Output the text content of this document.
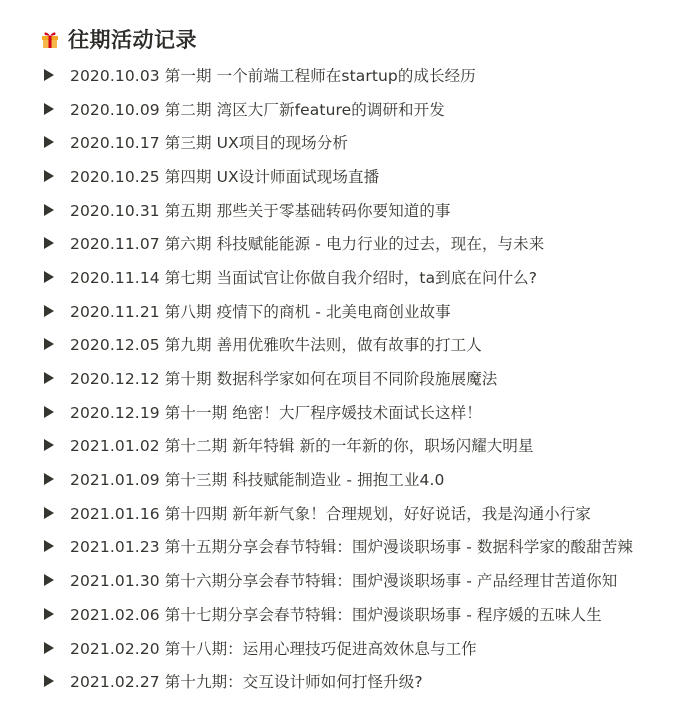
往期活动记录
2020.10.03 第一期 一个前端工程师在startup的成长经历
2020.10.09 第二期 湾区大厂新feature的调研和开发
2020.10.17 第三期 UX项目的现场分析
2020.10.25 第四期 UX设计师面试现场直播
2020.10.31 第五期 那些关于零基础转码你要知道的事
2020.11.07 第六期 科技赋能能源 - 电力行业的过去，现在，与未来
2020.11.14 第七期 当面试官让你做自我介绍时，ta到底在问什么?
2020.11.21 第八期 疫情下的商机 - 北美电商创业故事
2020.12.05 第九期 善用优雅吹牛法则，做有故事的打工人
2020.12.12 第十期 数据科学家如何在项目不同阶段施展魔法
2020.12.19 第十一期 绝密！大厂程序媛技术面试长这样！
2021.01.02 第十二期 新年特辑 新的一年新的你，职场闪耀大明星
2021.01.09 第十三期 科技赋能制造业 - 拥抱工业4.0
2021.01.16 第十四期 新年新气象！合理规划，好好说话，我是沟通小行家
2021.01.23 第十五期分享会春节特辑：围炉漫谈职场事 - 数据科学家的酸甜苦辣
2021.01.30 第十六期分享会春节特辑：围炉漫谈职场事 - 产品经理甘苦道你知
2021.02.06 第十七期分享会春节特辑：围炉漫谈职场事 - 程序媛的五味人生
2021.02.20 第十八期：运用心理技巧促进高效休息与工作
2021.02.27 第十九期：交互设计师如何打怪升级?
